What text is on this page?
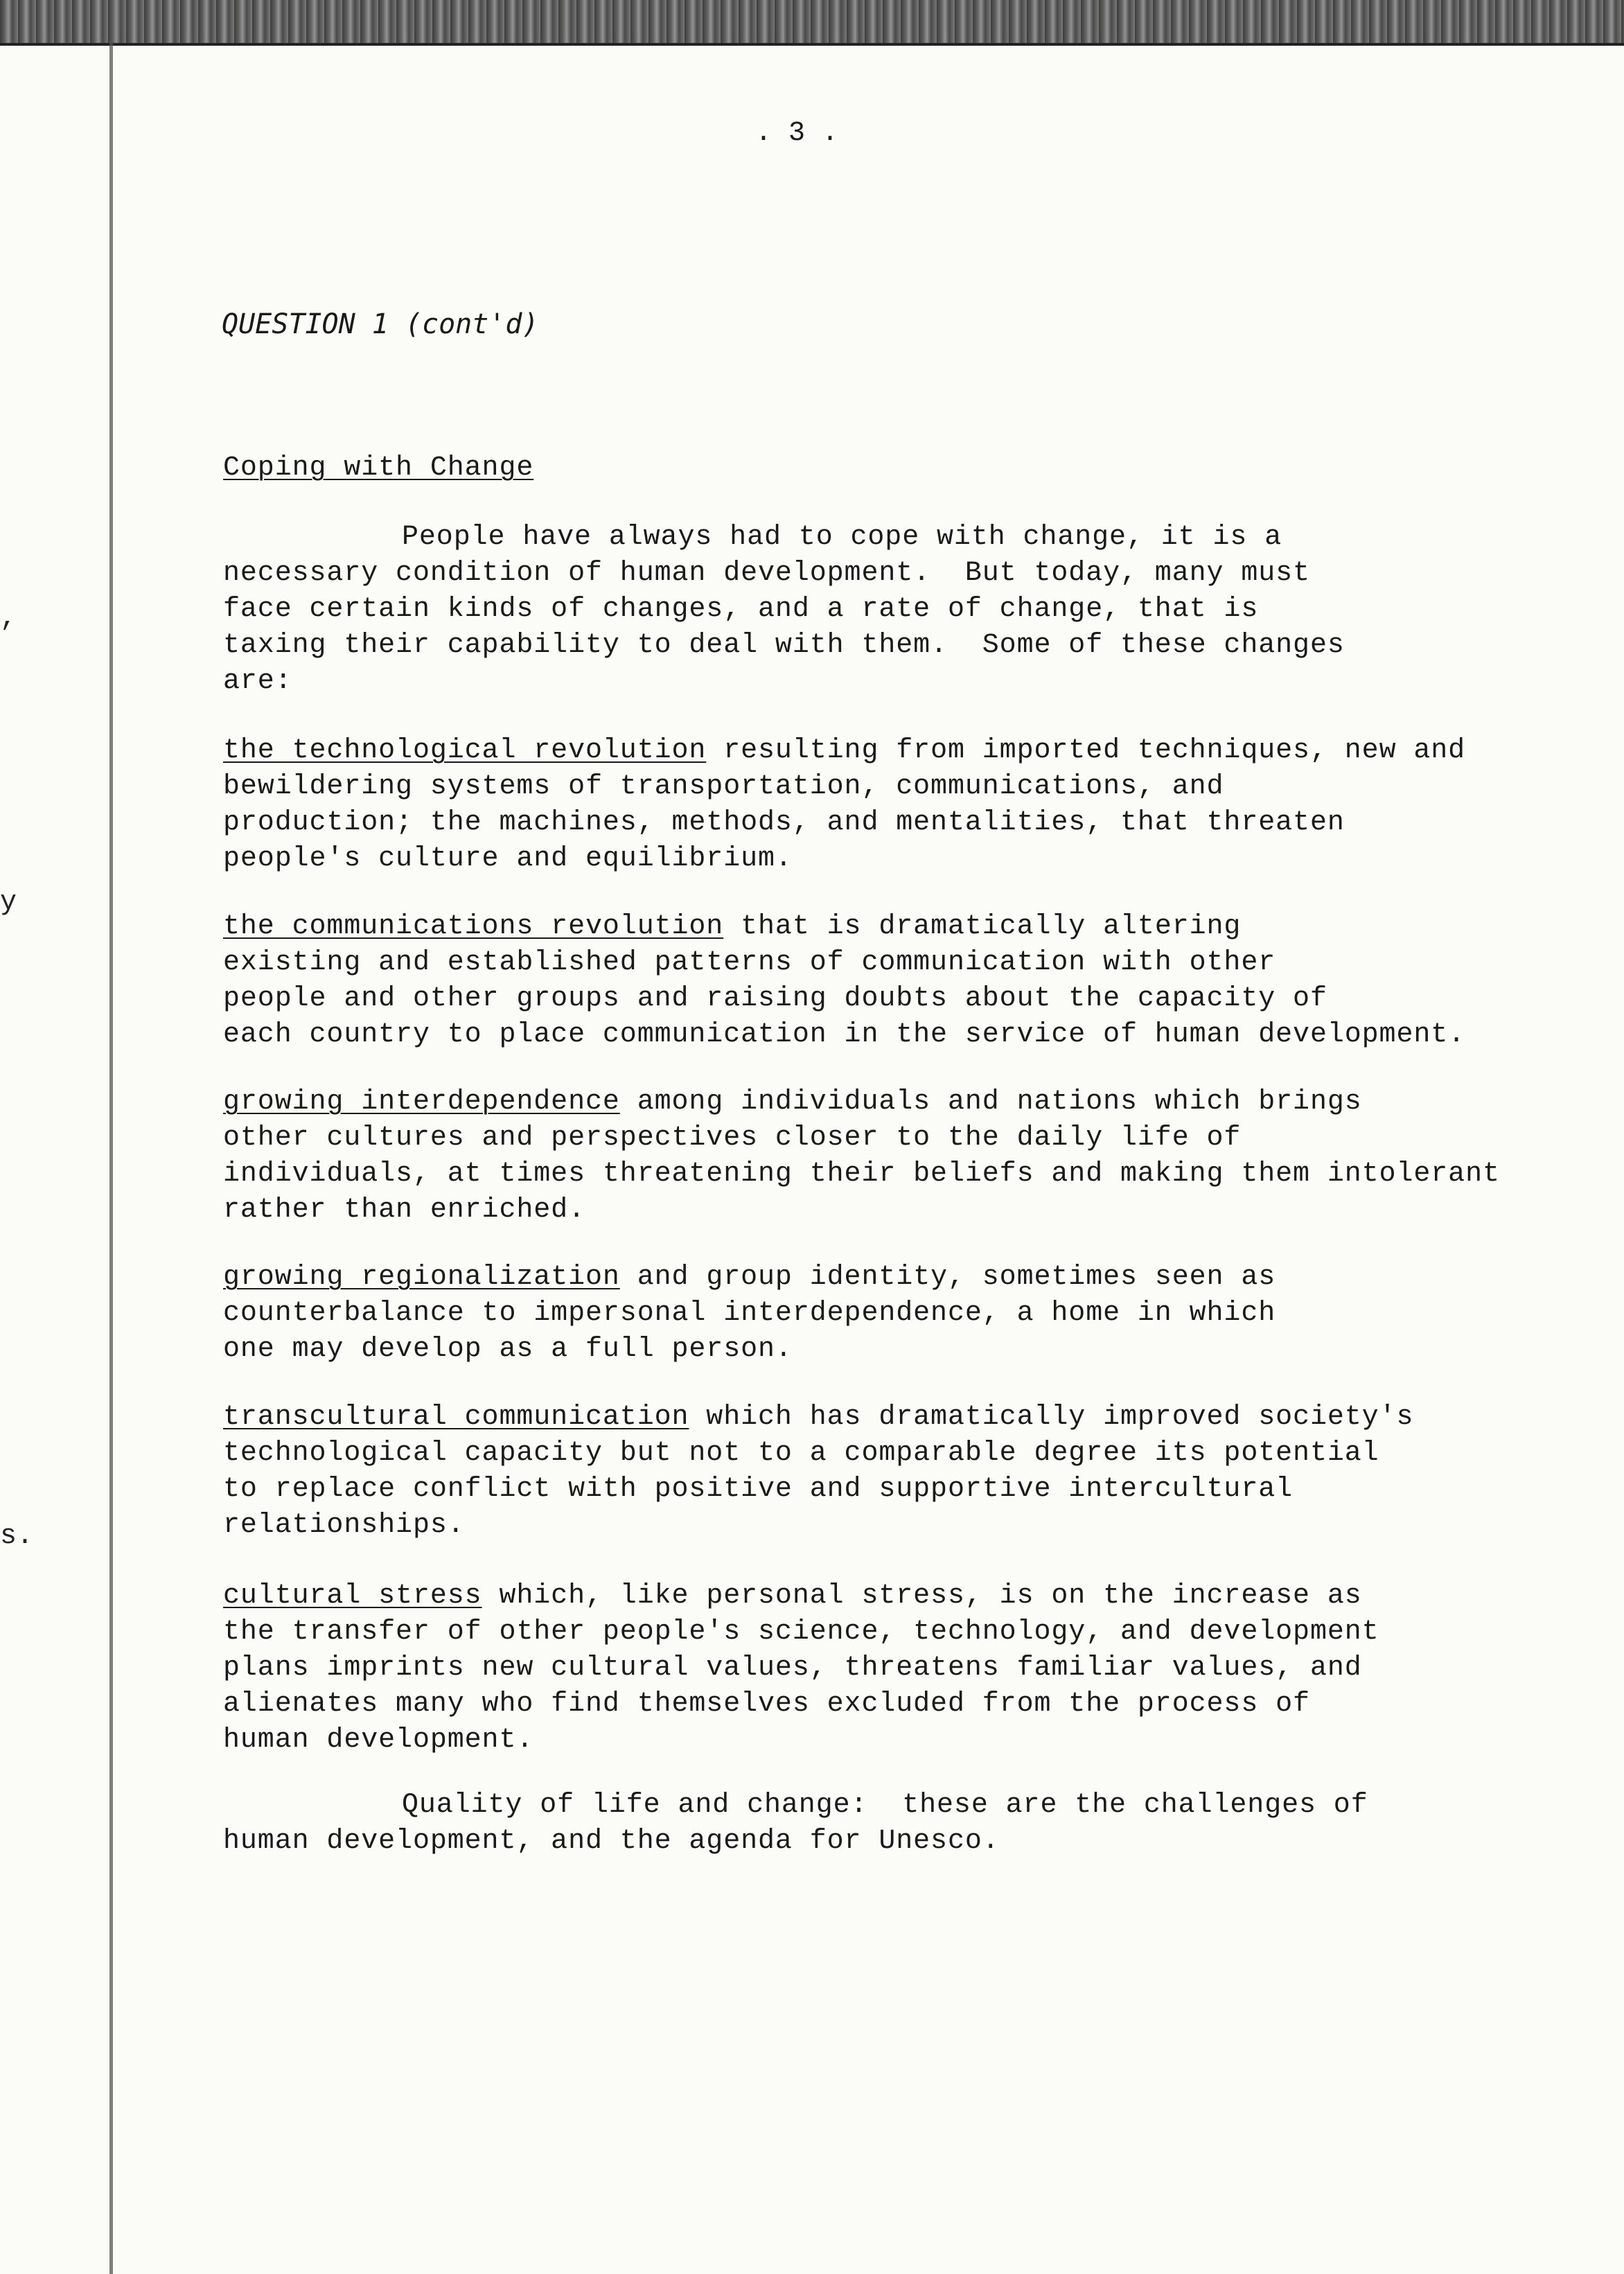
,
y
s.
. 3 .
QUESTION 1 (cont'd)
Coping with Change
People have always had to cope with change, it is a
necessary condition of human development.  But today, many must
face certain kinds of changes, and a rate of change, that is
taxing their capability to deal with them.  Some of these changes
are:
the technological revolution resulting from imported techniques, new and
bewildering systems of transportation, communications, and
production; the machines, methods, and mentalities, that threaten
people's culture and equilibrium.
the communications revolution that is dramatically altering
existing and established patterns of communication with other
people and other groups and raising doubts about the capacity of
each country to place communication in the service of human development.
growing interdependence among individuals and nations which brings
other cultures and perspectives closer to the daily life of
individuals, at times threatening their beliefs and making them intolerant
rather than enriched.
growing regionalization and group identity, sometimes seen as
counterbalance to impersonal interdependence, a home in which
one may develop as a full person.
transcultural communication which has dramatically improved society's
technological capacity but not to a comparable degree its potential
to replace conflict with positive and supportive intercultural
relationships.
cultural stress which, like personal stress, is on the increase as
the transfer of other people's science, technology, and development
plans imprints new cultural values, threatens familiar values, and
alienates many who find themselves excluded from the process of
human development.
Quality of life and change:  these are the challenges of
human development, and the agenda for Unesco.
